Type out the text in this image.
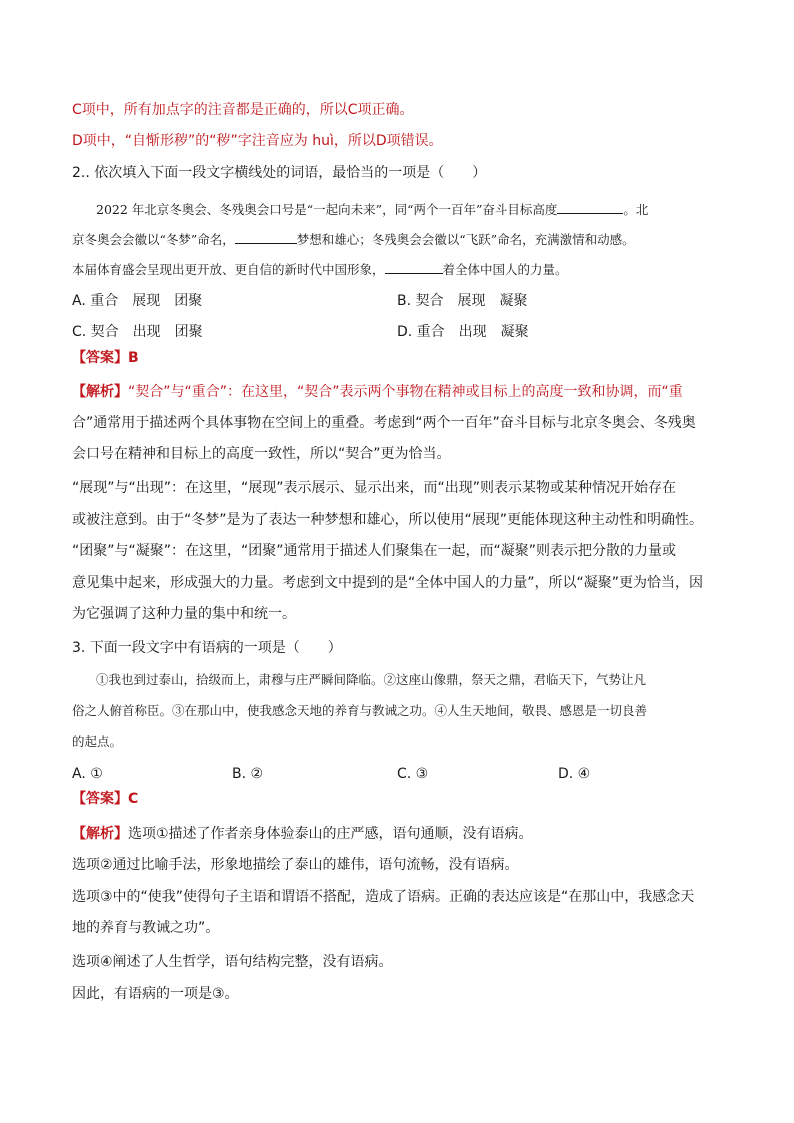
C项中，所有加点字的注音都是正确的，所以C项正确。
D项中，“自惭形秽”的“秽”字注音应为 huì，所以D项错误。
2.. 依次填入下面一段文字横线处的词语，最恰当的一项是（　　）
2022 年北京冬奥会、冬残奥会口号是“一起向未来”，同“两个一百年”奋斗目标高度	。北
京冬奥会会徽以“冬梦”命名，	梦想和雄心；冬残奥会会徽以“飞跃”命名，充满激情和动感。
本届体育盛会呈现出更开放、更自信的新时代中国形象，	着全体中国人的力量。
A. 重合　展现　团聚	B. 契合　展现　凝聚
C. 契合　出现　团聚	D. 重合　出现　凝聚
【答案】B
【解析】“契合”与“重合”：在这里，“契合”表示两个事物在精神或目标上的高度一致和协调，而“重
合”通常用于描述两个具体事物在空间上的重叠。考虑到“两个一百年”奋斗目标与北京冬奥会、冬残奥
会口号在精神和目标上的高度一致性，所以“契合”更为恰当。
“展现”与“出现”：在这里，“展现”表示展示、显示出来，而“出现”则表示某物或某种情况开始存在
或被注意到。由于“冬梦”是为了表达一种梦想和雄心，所以使用“展现”更能体现这种主动性和明确性。
“团聚”与“凝聚”：在这里，“团聚”通常用于描述人们聚集在一起，而“凝聚”则表示把分散的力量或
意见集中起来，形成强大的力量。考虑到文中提到的是“全体中国人的力量”，所以“凝聚”更为恰当，因
为它强调了这种力量的集中和统一。
3. 下面一段文字中有语病的一项是（　　）
①我也到过泰山，拾级而上，肃穆与庄严瞬间降临。②这座山像鼎，祭天之鼎，君临天下，气势让凡
俗之人俯首称臣。③在那山中，使我感念天地的养育与教诫之功。④人生天地间，敬畏、感恩是一切良善
的起点。
A. ①	B. ②	C. ③	D. ④
【答案】C
【解析】选项①描述了作者亲身体验泰山的庄严感，语句通顺，没有语病。
选项②通过比喻手法，形象地描绘了泰山的雄伟，语句流畅，没有语病。
选项③中的“使我”使得句子主语和谓语不搭配，造成了语病。正确的表达应该是“在那山中，我感念天
地的养育与教诫之功”。
选项④阐述了人生哲学，语句结构完整，没有语病。
因此，有语病的一项是③。
